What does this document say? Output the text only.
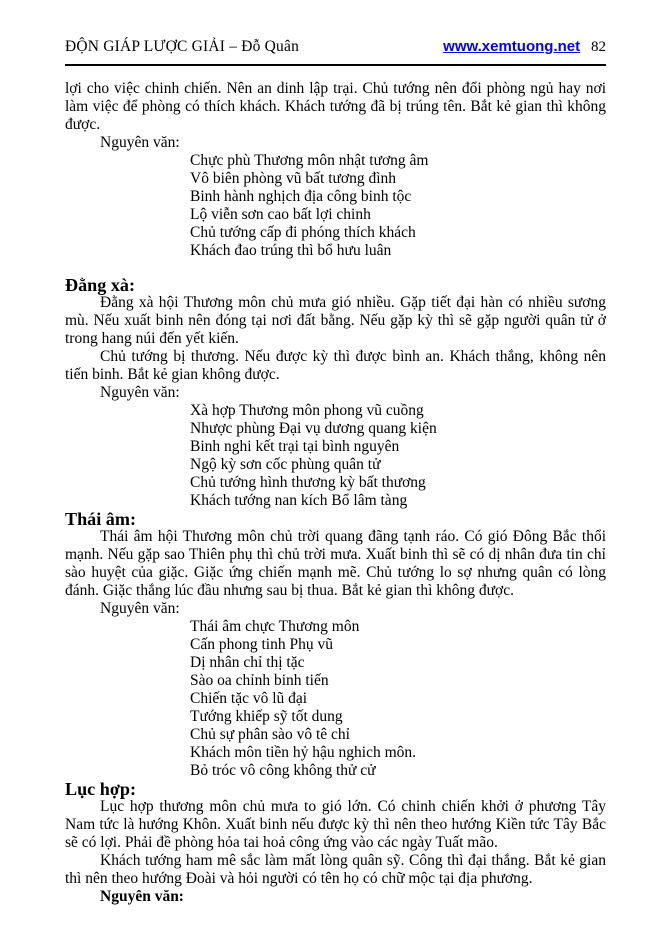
ĐỘN GIÁP LƯỢC GIẢI – Đỗ Quân	www.xemtuong.net 82

lợi cho việc chinh chiến. Nên an dinh lập trại. Chủ tướng nên đổi phòng ngủ hay nơi làm việc để phòng có thích khách. Khách tướng đã bị trúng tên. Bắt kẻ gian thì không được.

Nguyên văn:

Chực phù Thương môn nhật tương âm

Vô biên phòng vũ bất tương đình

Binh hành nghịch địa công binh tộc

Lộ viễn sơn cao bất lợi chinh

Chủ tướng cấp đi phóng thích khách

Khách đao trúng thì bổ hưu luân

Đằng xà:

Đằng xà hội Thương môn chủ mưa gió nhiều. Gặp tiết đại hàn có nhiều sương mù. Nếu xuất binh nên đóng tại nơi đất bằng. Nếu gặp kỳ thì sẽ gặp người quân tử ở trong hang núi đến yết kiến.

Chủ tướng bị thương. Nếu được kỳ thì được bình an. Khách thắng, không nên tiến binh. Bắt kẻ gian không được.

Nguyên văn:

Xà hợp Thương môn phong vũ cuồng

Nhược phùng Đại vụ dương quang kiện

Binh nghi kết trại tại bình nguyên

Ngộ kỳ sơn cốc phùng quân tử

Chủ tướng hình thương kỳ bất thương

Khách tướng nan kích Bổ lâm tàng

Thái âm:

Thái âm hội Thương môn chủ trời quang đãng tạnh ráo. Có gió Đông Bắc thổi mạnh. Nếu gặp sao Thiên phụ thì chủ trời mưa. Xuất binh thì sẽ có dị nhân đưa tin chỉ sào huyệt của giặc. Giặc ứng chiến mạnh mẽ. Chủ tướng lo sợ nhưng quân có lòng đánh. Giặc thắng lúc đầu nhưng sau bị thua. Bắt kẻ gian thì không được.

Nguyên văn:

Thái âm chực Thương môn

Cấn phong tinh Phụ vũ

Dị nhân chỉ thị tặc

Sào oa chỉnh binh tiến

Chiến tặc vô lũ đại

Tướng khiếp sỹ tốt dung

Chủ sự phân sào vô tê chỉ

Khách môn tiền hỷ hậu nghich môn.

Bỏ tróc vô công không thử cử

Lục hợp:

Lục hợp thương môn chủ mưa to gió lớn. Có chinh chiến khởi ở phương Tây Nam tức là hướng Khôn. Xuất binh nếu được kỳ thì nên theo hướng Kiền tức Tây Bắc sẽ có lợi. Phải đề phòng hỏa tai hoả công ứng vào các ngày Tuất mão.

Khách tướng ham mê sắc làm mất lòng quân sỹ. Công thì đại thắng. Bắt kẻ gian thì nên theo hướng Đoài và hỏi người có tên họ có chữ mộc tại địa phương.

Nguyên văn:
